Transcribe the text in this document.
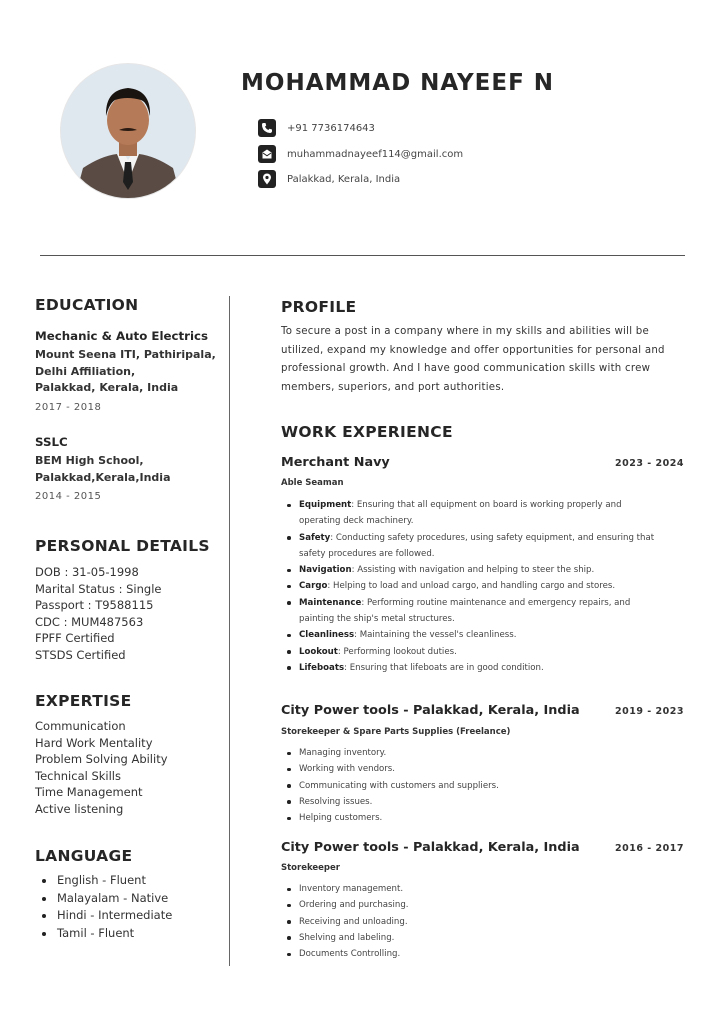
MOHAMMAD NAYEEF N
+91 7736174643
muhammadnayeef114@gmail.com
Palakkad, Kerala, India
EDUCATION
Mechanic & Auto Electrics
Mount Seena ITI, Pathiripala,
Delhi Affiliation,
Palakkad, Kerala, India
2017 - 2018
SSLC
BEM High School,
Palakkad,Kerala,India
2014 - 2015
PERSONAL DETAILS
DOB : 31-05-1998
Marital Status : Single
Passport : T9588115
CDC : MUM487563
FPFF Certified
STSDS Certified
EXPERTISE
Communication
Hard Work Mentality
Problem Solving Ability
Technical Skills
Time Management
Active listening
LANGUAGE
English - Fluent
Malayalam - Native
Hindi - Intermediate
Tamil - Fluent
PROFILE
To secure a post in a company where in my skills and abilities will be utilized, expand my knowledge and offer opportunities for personal and professional growth. And I have good communication skills with crew members, superiors, and port authorities.
WORK EXPERIENCE
Merchant Navy	2023 - 2024
Able Seaman
Equipment: Ensuring that all equipment on board is working properly and operating deck machinery.
Safety: Conducting safety procedures, using safety equipment, and ensuring that safety procedures are followed.
Navigation: Assisting with navigation and helping to steer the ship.
Cargo: Helping to load and unload cargo, and handling cargo and stores.
Maintenance: Performing routine maintenance and emergency repairs, and painting the ship's metal structures.
Cleanliness: Maintaining the vessel's cleanliness.
Lookout: Performing lookout duties.
Lifeboats: Ensuring that lifeboats are in good condition.
City Power tools - Palakkad, Kerala, India	2019 - 2023
Storekeeper & Spare Parts Supplies (Freelance)
Managing inventory.
Working with vendors.
Communicating with customers and suppliers.
Resolving issues.
Helping customers.
City Power tools - Palakkad, Kerala, India	2016 - 2017
Storekeeper
Inventory management.
Ordering and purchasing.
Receiving and unloading.
Shelving and labeling.
Documents Controlling.
